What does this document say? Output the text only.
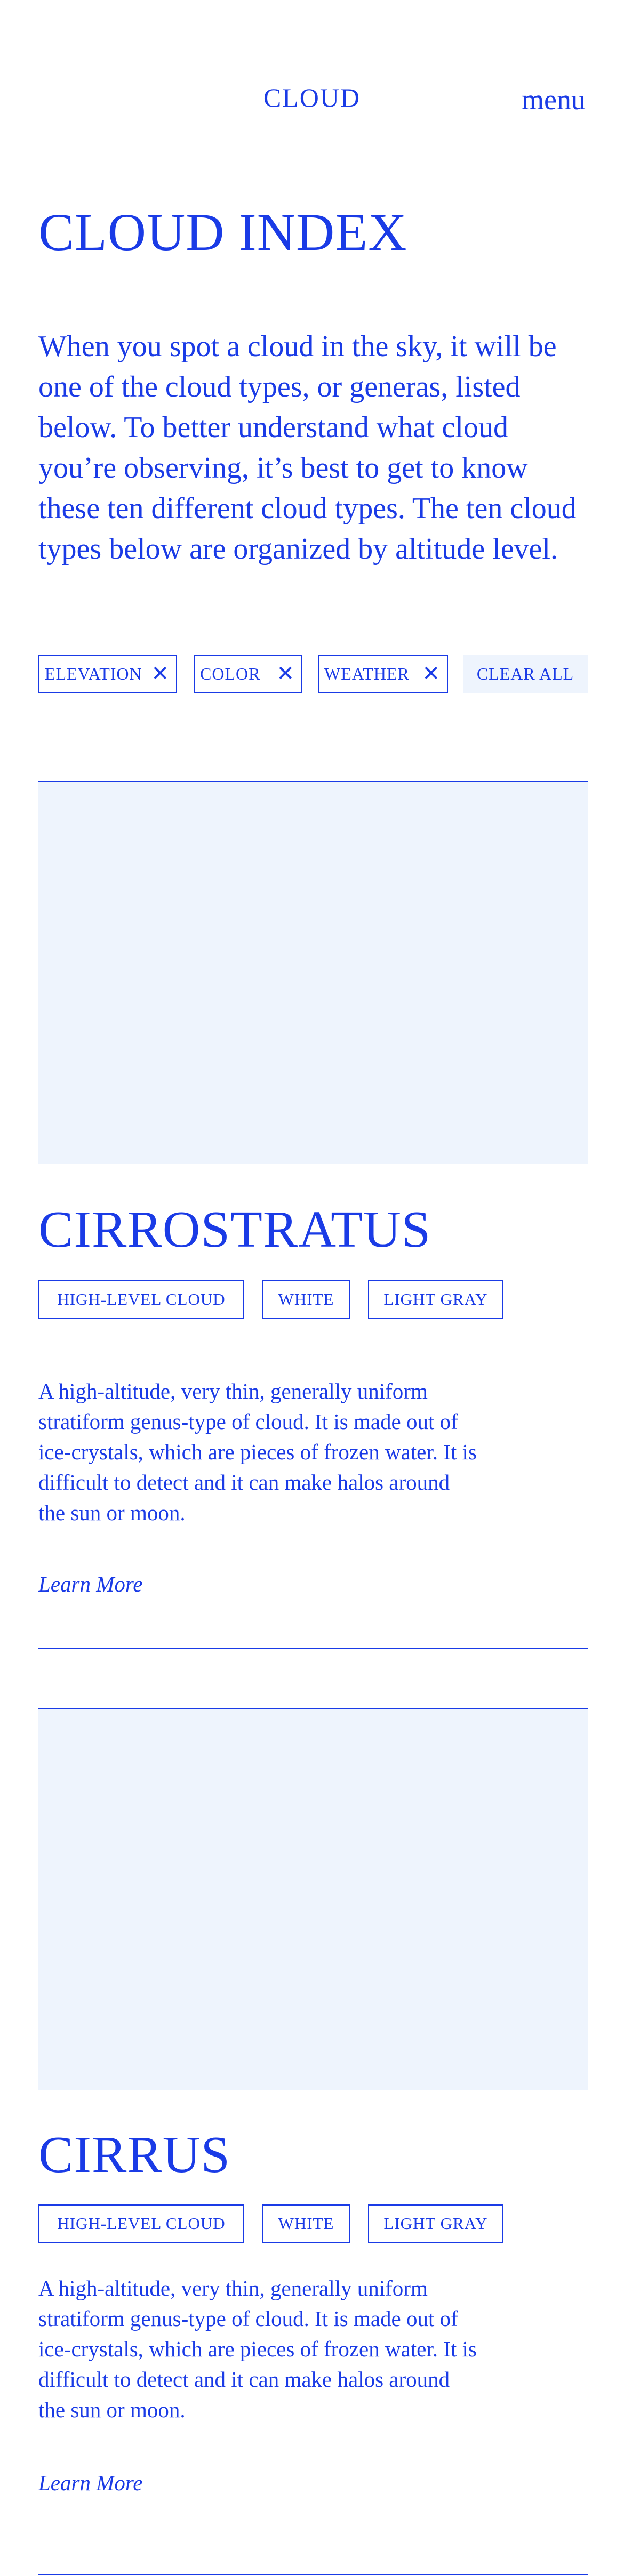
CLOUD	menu
CLOUD INDEX

When you spot a cloud in the sky, it will be one of the cloud types, or generas, listed below. To better understand what cloud you’re observing, it’s best to get to know these ten different cloud types. The ten cloud types below are organized by altitude level.

ELEVATION ✕ COLOR ✕ WEATHER ✕	CLEAR ALL
CIRROSTRATUS
HIGH-LEVEL CLOUD	WHITE	LIGHT GRAY

A high-altitude, very thin, generally uniform stratiform genus-type of cloud. It is made out of ice-crystals, which are pieces of frozen water. It is difficult to detect and it can make halos around the sun or moon.

Learn More
CIRRUS
HIGH-LEVEL CLOUD	WHITE	LIGHT GRAY

A high-altitude, very thin, generally uniform stratiform genus-type of cloud. It is made out of ice-crystals, which are pieces of frozen water. It is difficult to detect and it can make halos around the sun or moon.

Learn More
